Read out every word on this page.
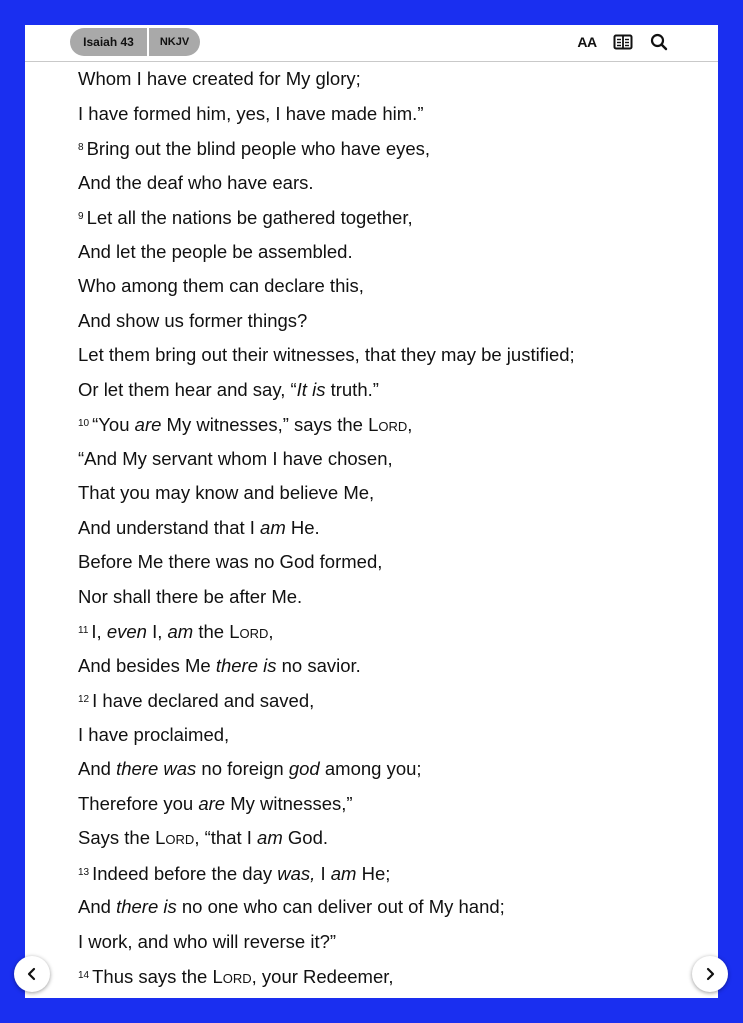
Isaiah 43	NKJV	AA
Whom I have created for My glory;
I have formed him, yes, I have made him.”
$^8$ Bring out the blind people who have eyes,
And the deaf who have ears.
$^9$ Let all the nations be gathered together,
And let the people be assembled.
Who among them can declare this,
And show us former things?
Let them bring out their witnesses, that they may be justified;
Or let them hear and say, “It is truth.”
$^{10}$ “You are My witnesses,” says the Lord,
“And My servant whom I have chosen,
That you may know and believe Me,
And understand that I am He.
Before Me there was no God formed,
Nor shall there be after Me.
$^{11}$ I, even I, am the Lord,
And besides Me there is no savior.
$^{12}$ I have declared and saved,
I have proclaimed,
And there was no foreign god among you;
Therefore you are My witnesses,”
Says the Lord, “that I am God.
$^{13}$ Indeed before the day was, I am He;
And there is no one who can deliver out of My hand;
I work, and who will reverse it?”
$^{14}$ Thus says the Lord, your Redeemer,
